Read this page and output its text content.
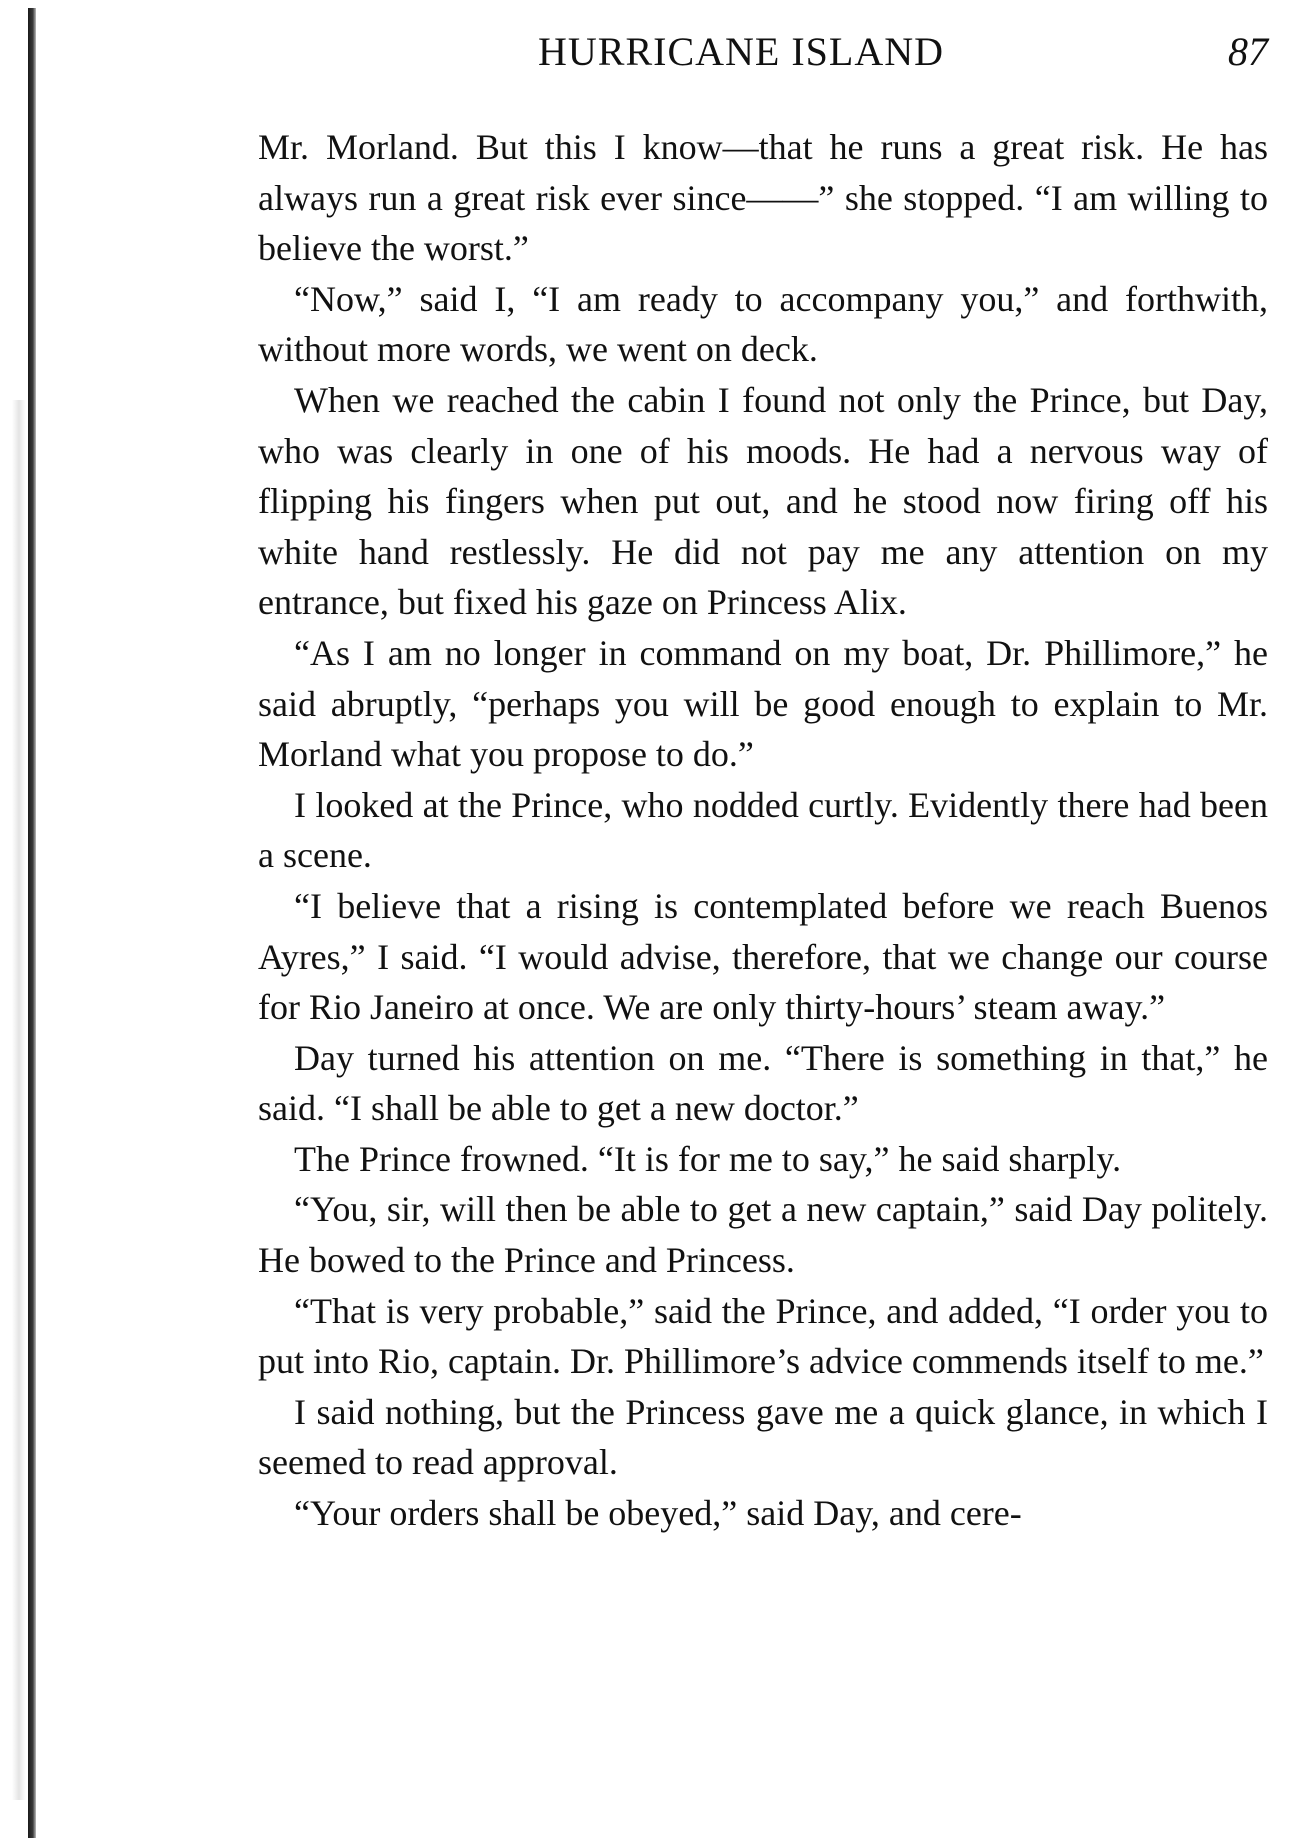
HURRICANE ISLAND	87

Mr. Morland. But this I know—that he runs a great risk. He has always run a great risk ever since——” she stopped. “I am willing to believe the worst.”

“Now,” said I, “I am ready to accompany you,” and forthwith, without more words, we went on deck.

When we reached the cabin I found not only the Prince, but Day, who was clearly in one of his moods. He had a nervous way of flipping his fingers when put out, and he stood now firing off his white hand restlessly. He did not pay me any attention on my entrance, but fixed his gaze on Princess Alix.

“As I am no longer in command on my boat, Dr. Phillimore,” he said abruptly, “perhaps you will be good enough to explain to Mr. Morland what you propose to do.”

I looked at the Prince, who nodded curtly. Evidently there had been a scene.

“I believe that a rising is contemplated before we reach Buenos Ayres,” I said. “I would advise, therefore, that we change our course for Rio Janeiro at once. We are only thirty-hours’ steam away.”

Day turned his attention on me. “There is something in that,” he said. “I shall be able to get a new doctor.”

The Prince frowned. “It is for me to say,” he said sharply.

“You, sir, will then be able to get a new captain,” said Day politely. He bowed to the Prince and Princess.

“That is very probable,” said the Prince, and added, “I order you to put into Rio, captain. Dr. Phillimore’s advice commends itself to me.”

I said nothing, but the Princess gave me a quick glance, in which I seemed to read approval.

“Your orders shall be obeyed,” said Day, and cere-
